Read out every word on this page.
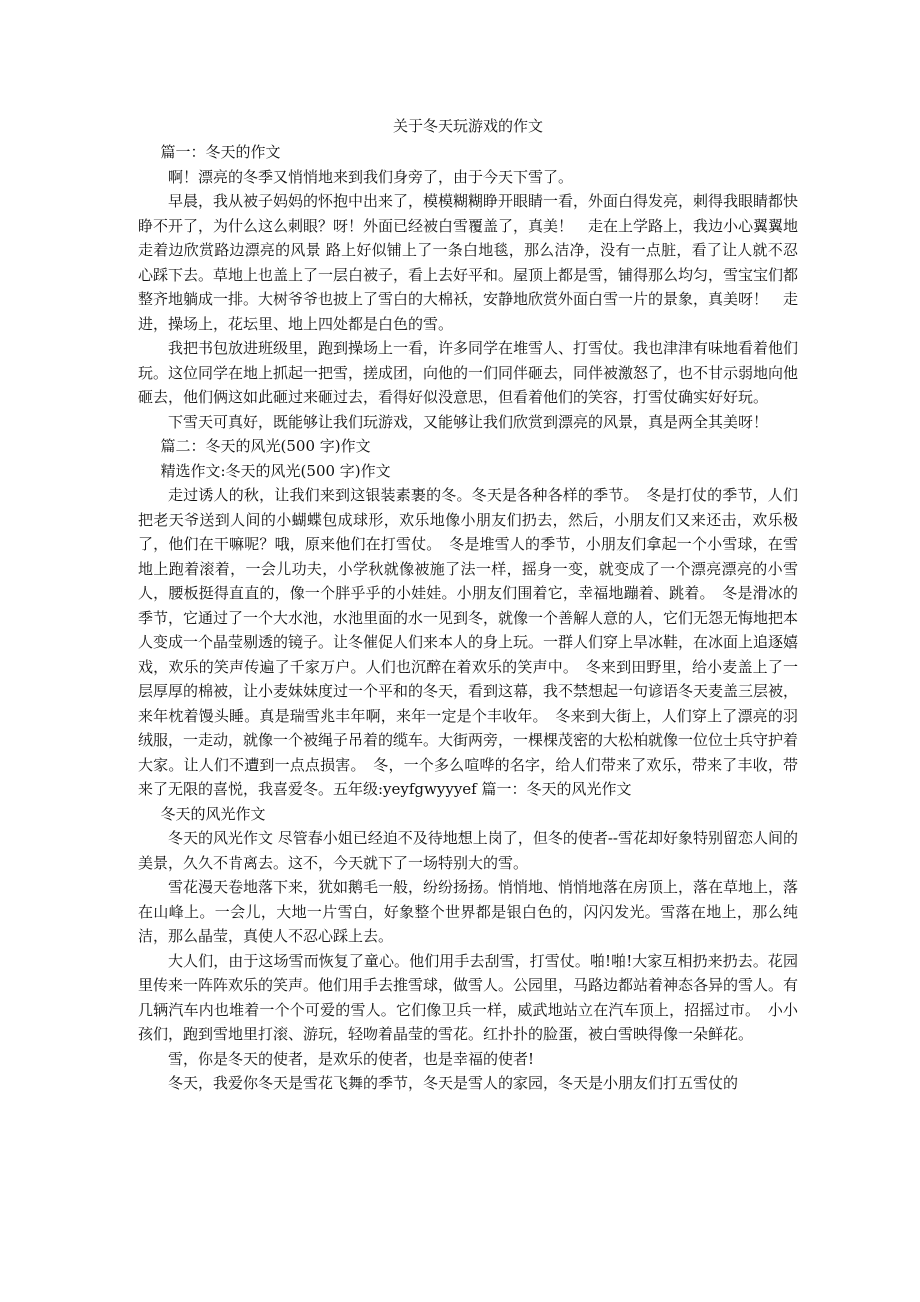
关于冬天玩游戏的作文

篇一：冬天的作文

啊！漂亮的冬季又悄悄地来到我们身旁了，由于今天下雪了。

早晨，我从被子妈妈的怀抱中出来了，模模糊糊睁开眼睛一看，外面白得发亮，刺得我眼睛都快睁不开了，为什么这么刺眼？呀！外面已经被白雪覆盖了，真美！　走在上学路上，我边小心翼翼地走着边欣赏路边漂亮的风景 路上好似铺上了一条白地毯，那么洁净，没有一点脏，看了让人就不忍心踩下去。草地上也盖上了一层白被子，看上去好平和。屋顶上都是雪，铺得那么均匀，雪宝宝们都整齐地躺成一排。大树爷爷也披上了雪白的大棉袄，安静地欣赏外面白雪一片的景象，真美呀！　走进，操场上，花坛里、地上四处都是白色的雪。

我把书包放进班级里，跑到操场上一看，许多同学在堆雪人、打雪仗。我也津津有味地看着他们玩。这位同学在地上抓起一把雪，搓成团，向他的一们同伴砸去，同伴被激怒了，也不甘示弱地向他砸去，他们俩这如此砸过来砸过去，看得好似没意思，但看着他们的笑容，打雪仗确实好好玩。

下雪天可真好，既能够让我们玩游戏，又能够让我们欣赏到漂亮的风景，真是两全其美呀！

篇二：冬天的风光(500 字)作文

精选作文:冬天的风光(500 字)作文

走过诱人的秋，让我们来到这银装素裹的冬。冬天是各种各样的季节。　冬是打仗的季节，人们把老天爷送到人间的小蝴蝶包成球形，欢乐地像小朋友们扔去，然后，小朋友们又来还击，欢乐极了，他们在干嘛呢？哦，原来他们在打雪仗。　冬是堆雪人的季节，小朋友们拿起一个小雪球，在雪地上跑着滚着，一会儿功夫，小学秋就像被施了法一样，摇身一变，就变成了一个漂亮漂亮的小雪人，腰板挺得直直的，像一个胖乎乎的小娃娃。小朋友们围着它，幸福地蹦着、跳着。　冬是滑冰的季节，它通过了一个大水池，水池里面的水一见到冬，就像一个善解人意的人，它们无怨无悔地把本人变成一个晶莹剔透的镜子。让冬催促人们来本人的身上玩。一群人们穿上旱冰鞋，在冰面上追逐嬉戏，欢乐的笑声传遍了千家万户。人们也沉醉在着欢乐的笑声中。　冬来到田野里，给小麦盖上了一层厚厚的棉被，让小麦妹妹度过一个平和的冬天，看到这幕，我不禁想起一句谚语冬天麦盖三层被，来年枕着馒头睡。真是瑞雪兆丰年啊，来年一定是个丰收年。　冬来到大街上，人们穿上了漂亮的羽绒服，一走动，就像一个被绳子吊着的缆车。大街两旁，一棵棵茂密的大松柏就像一位位士兵守护着大家。让人们不遭到一点点损害。　冬，一个多么喧哗的名字，给人们带来了欢乐，带来了丰收，带来了无限的喜悦，我喜爱冬。五年级:yeyfgwyyyef 篇一：冬天的风光作文

冬天的风光作文

冬天的风光作文 尽管春小姐已经迫不及待地想上岗了，但冬的使者--雪花却好象特别留恋人间的美景，久久不肯离去。这不，今天就下了一场特别大的雪。

雪花漫天卷地落下来，犹如鹅毛一般，纷纷扬扬。悄悄地、悄悄地落在房顶上，落在草地上，落在山峰上。一会儿，大地一片雪白，好象整个世界都是银白色的，闪闪发光。雪落在地上，那么纯洁，那么晶莹，真使人不忍心踩上去。

大人们，由于这场雪而恢复了童心。他们用手去刮雪，打雪仗。啪!啪!大家互相扔来扔去。花园里传来一阵阵欢乐的笑声。他们用手去推雪球，做雪人。公园里，马路边都站着神态各异的雪人。有几辆汽车内也堆着一个个可爱的雪人。它们像卫兵一样，威武地站立在汽车顶上，招摇过市。　小小孩们，跑到雪地里打滚、游玩，轻吻着晶莹的雪花。红扑扑的脸蛋，被白雪映得像一朵鲜花。

雪，你是冬天的使者，是欢乐的使者，也是幸福的使者!

冬天，我爱你冬天是雪花飞舞的季节，冬天是雪人的家园，冬天是小朋友们打五雪仗的
